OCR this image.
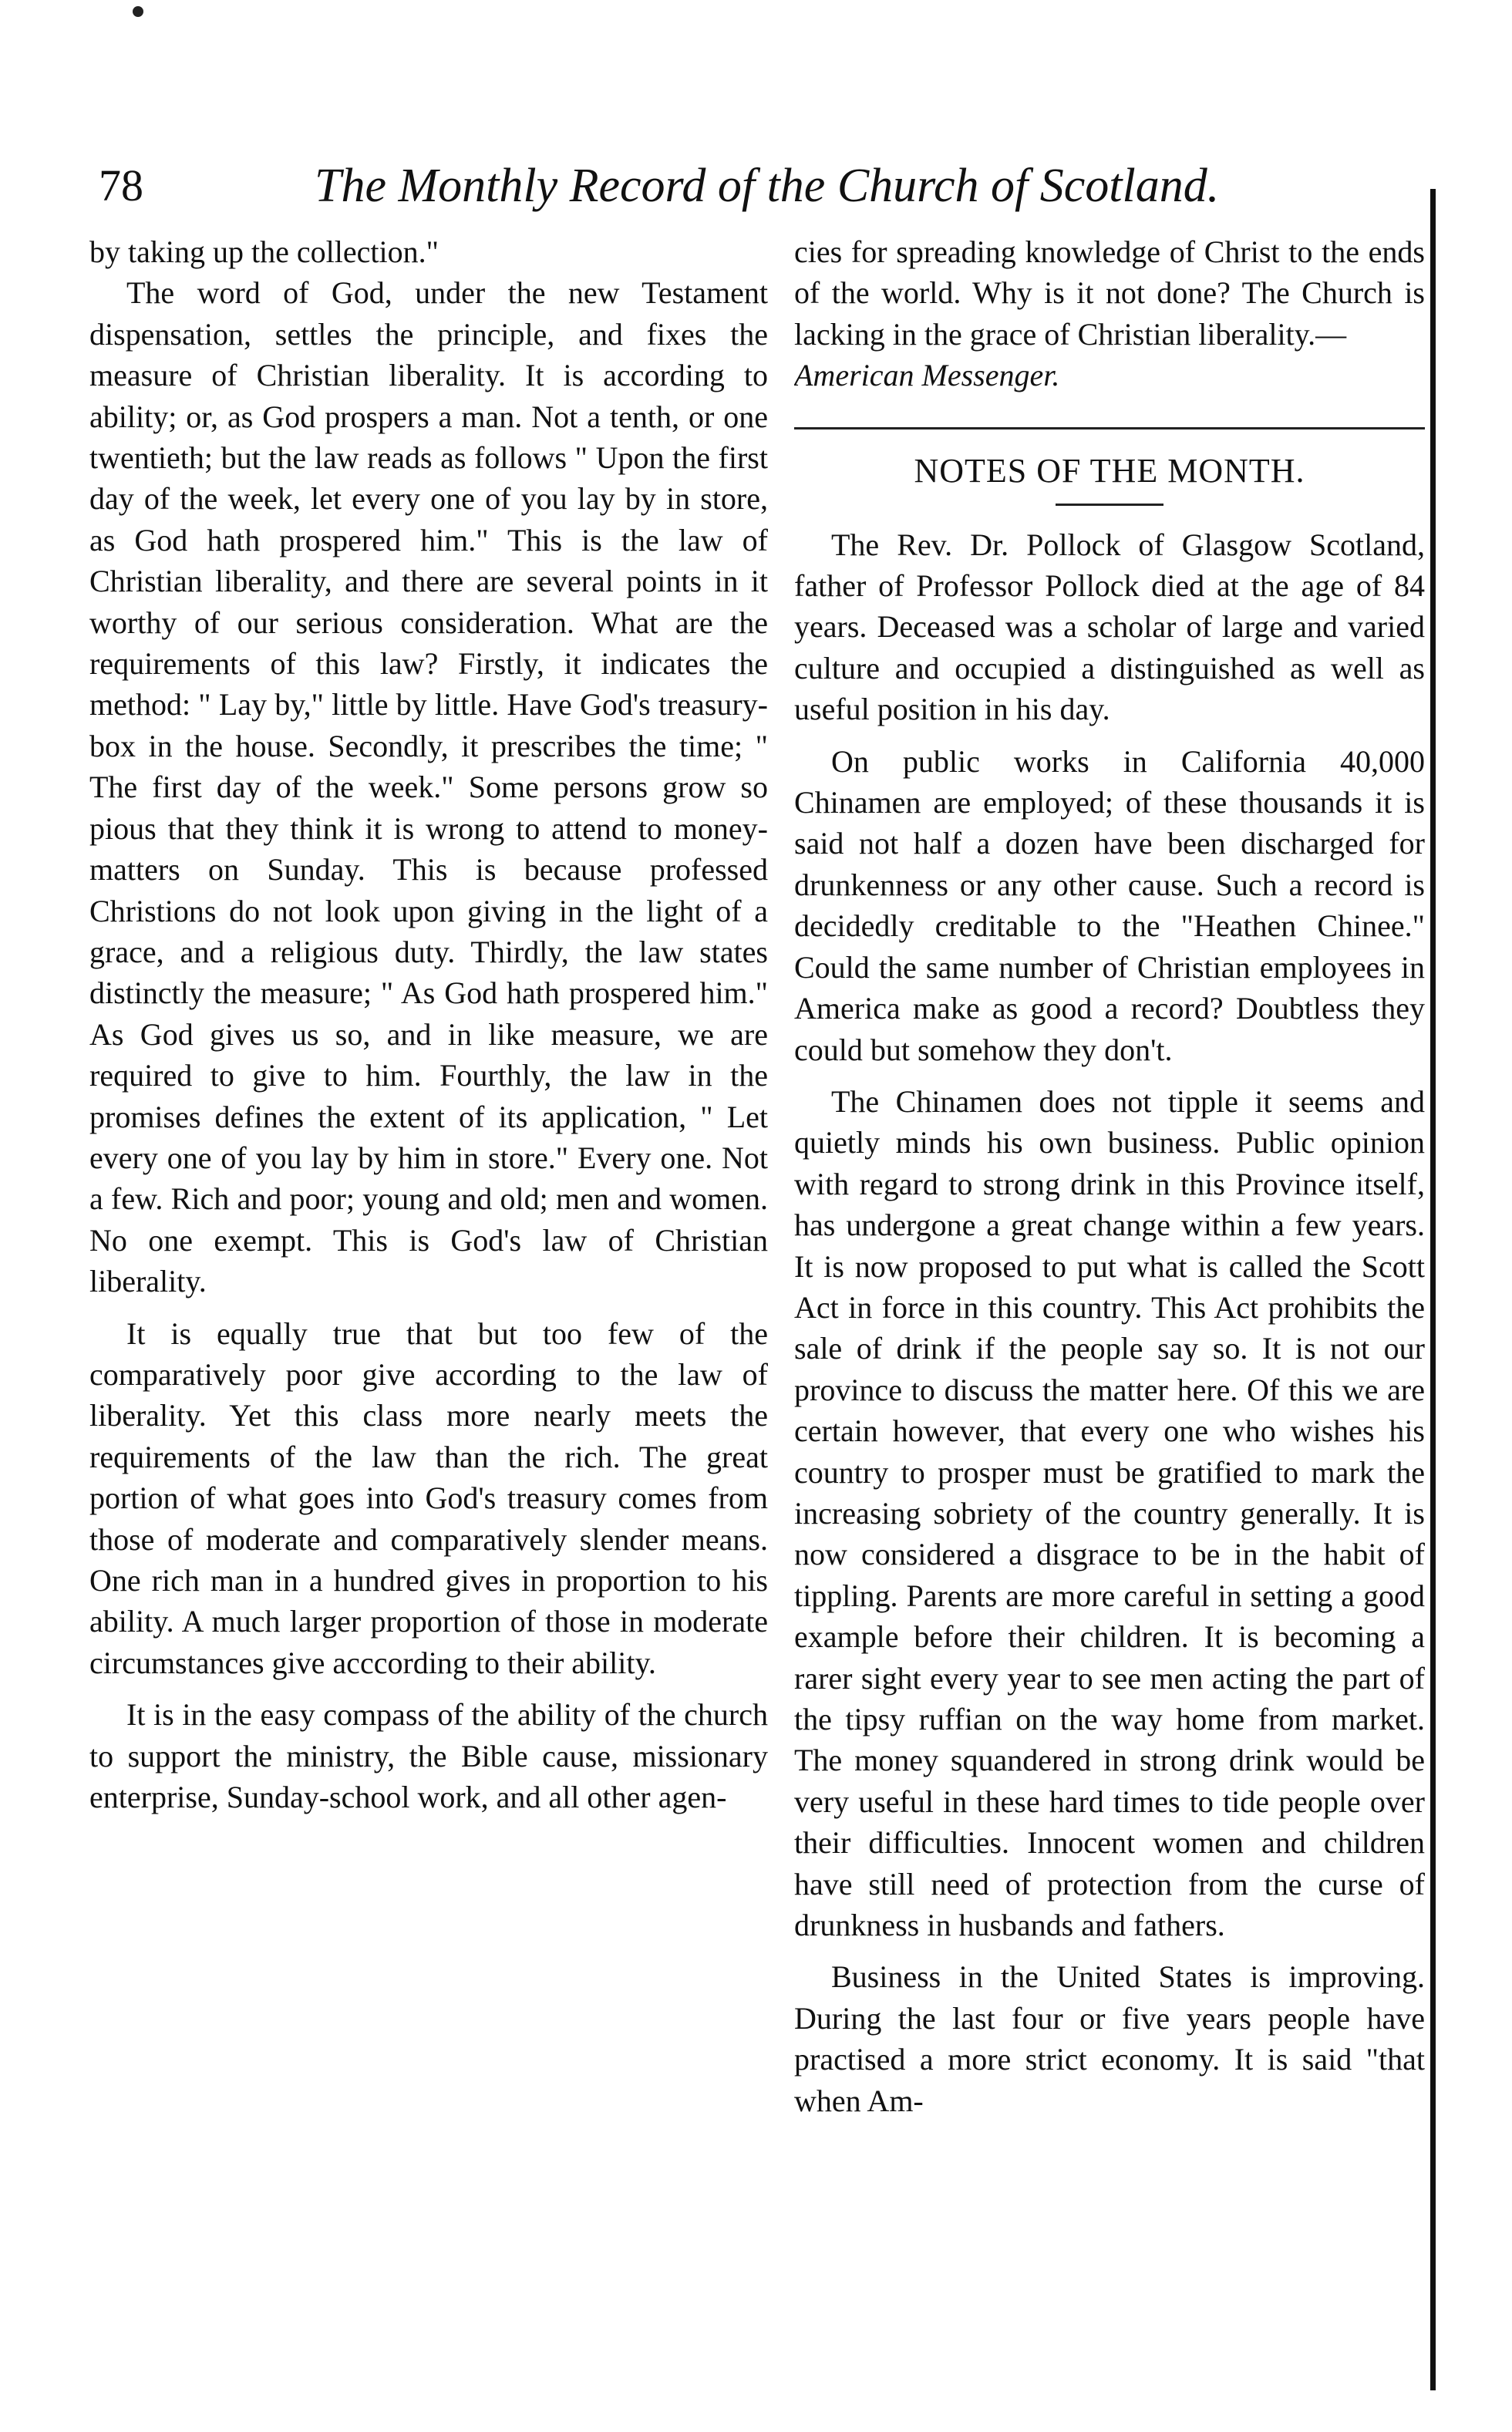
78	The Monthly Record of the Church of Scotland.

by taking up the collection."

The word of God, under the new Testament dispensation, settles the principle, and fixes the measure of Christian liberality. It is according to ability; or, as God prospers a man. Not a tenth, or one twentieth; but the law reads as follows " Upon the first day of the week, let every one of you lay by in store, as God hath prospered him." This is the law of Christian liberality, and there are several points in it worthy of our serious consideration. What are the requirements of this law? Firstly, it indicates the method: " Lay by," little by little. Have God's treasury-box in the house. Secondly, it prescribes the time; " The first day of the week." Some persons grow so pious that they think it is wrong to attend to money-matters on Sunday. This is because professed Christions do not look upon giving in the light of a grace, and a religious duty. Thirdly, the law states distinctly the measure; " As God hath prospered him." As God gives us so, and in like measure, we are required to give to him. Fourthly, the law in the promises defines the extent of its application, " Let every one of you lay by him in store." Every one. Not a few. Rich and poor; young and old; men and women. No one exempt. This is God's law of Christian liberality.

It is equally true that but too few of the comparatively poor give according to the law of liberality. Yet this class more nearly meets the requirements of the law than the rich. The great portion of what goes into God's treasury comes from those of moderate and comparatively slender means. One rich man in a hundred gives in proportion to his ability. A much larger proportion of those in moderate circumstances give acccording to their ability.

It is in the easy compass of the ability of the church to support the ministry, the Bible cause, missionary enterprise, Sunday-school work, and all other agen-

cies for spreading knowledge of Christ to the ends of the world. Why is it not done? The Church is lacking in the grace of Christian liberality.—

American Messenger.

NOTES OF THE MONTH.

The Rev. Dr. Pollock of Glasgow Scotland, father of Professor Pollock died at the age of 84 years. Deceased was a scholar of large and varied culture and occupied a distinguished as well as useful position in his day.

On public works in California 40,000 Chinamen are employed; of these thousands it is said not half a dozen have been discharged for drunkenness or any other cause. Such a record is decidedly creditable to the "Heathen Chinee." Could the same number of Christian employees in America make as good a record? Doubtless they could but somehow they don't.

The Chinamen does not tipple it seems and quietly minds his own business. Public opinion with regard to strong drink in this Province itself, has undergone a great change within a few years. It is now proposed to put what is called the Scott Act in force in this country. This Act prohibits the sale of drink if the people say so. It is not our province to discuss the matter here. Of this we are certain however, that every one who wishes his country to prosper must be gratified to mark the increasing sobriety of the country generally. It is now considered a disgrace to be in the habit of tippling. Parents are more careful in setting a good example before their children. It is becoming a rarer sight every year to see men acting the part of the tipsy ruffian on the way home from market. The money squandered in strong drink would be very useful in these hard times to tide people over their difficulties. Innocent women and children have still need of protection from the curse of drunkness in husbands and fathers.

Business in the United States is improving. During the last four or five years people have practised a more strict economy. It is said "that when Am-
